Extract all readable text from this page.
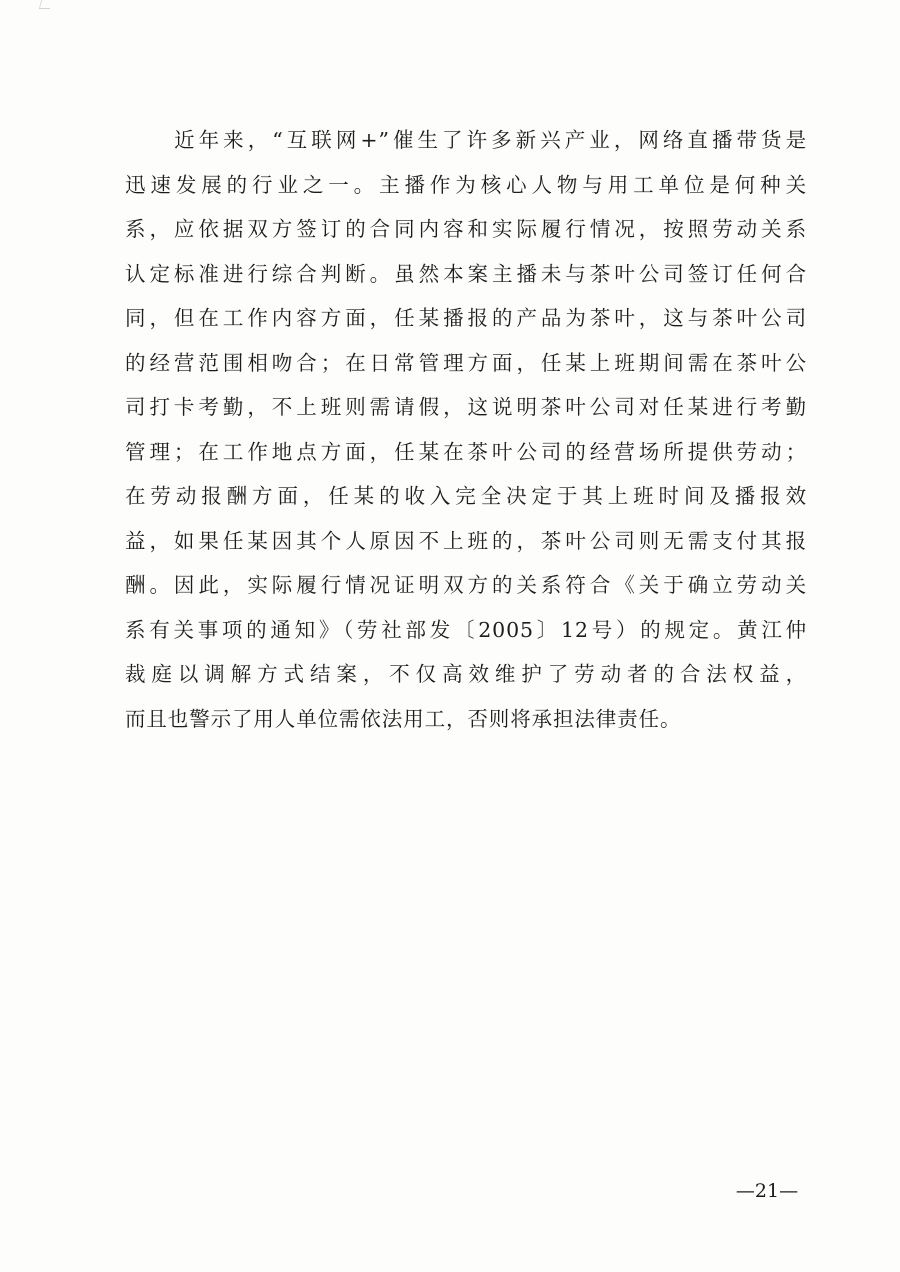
　　近年来，“互联网+”催生了许多新兴产业，网络直播带货是
迅速发展的行业之一。主播作为核心人物与用工单位是何种关
系，应依据双方签订的合同内容和实际履行情况，按照劳动关系
认定标准进行综合判断。虽然本案主播未与茶叶公司签订任何合
同，但在工作内容方面，任某播报的产品为茶叶，这与茶叶公司
的经营范围相吻合；在日常管理方面，任某上班期间需在茶叶公
司打卡考勤，不上班则需请假，这说明茶叶公司对任某进行考勤
管理；在工作地点方面，任某在茶叶公司的经营场所提供劳动；
在劳动报酬方面，任某的收入完全决定于其上班时间及播报效
益，如果任某因其个人原因不上班的，茶叶公司则无需支付其报
酬。因此，实际履行情况证明双方的关系符合《关于确立劳动关
系有关事项的通知》（劳社部发〔2005〕12号）的规定。黄江仲
裁庭以调解方式结案，不仅高效维护了劳动者的合法权益，
而且也警示了用人单位需依法用工，否则将承担法律责任。
—21—
